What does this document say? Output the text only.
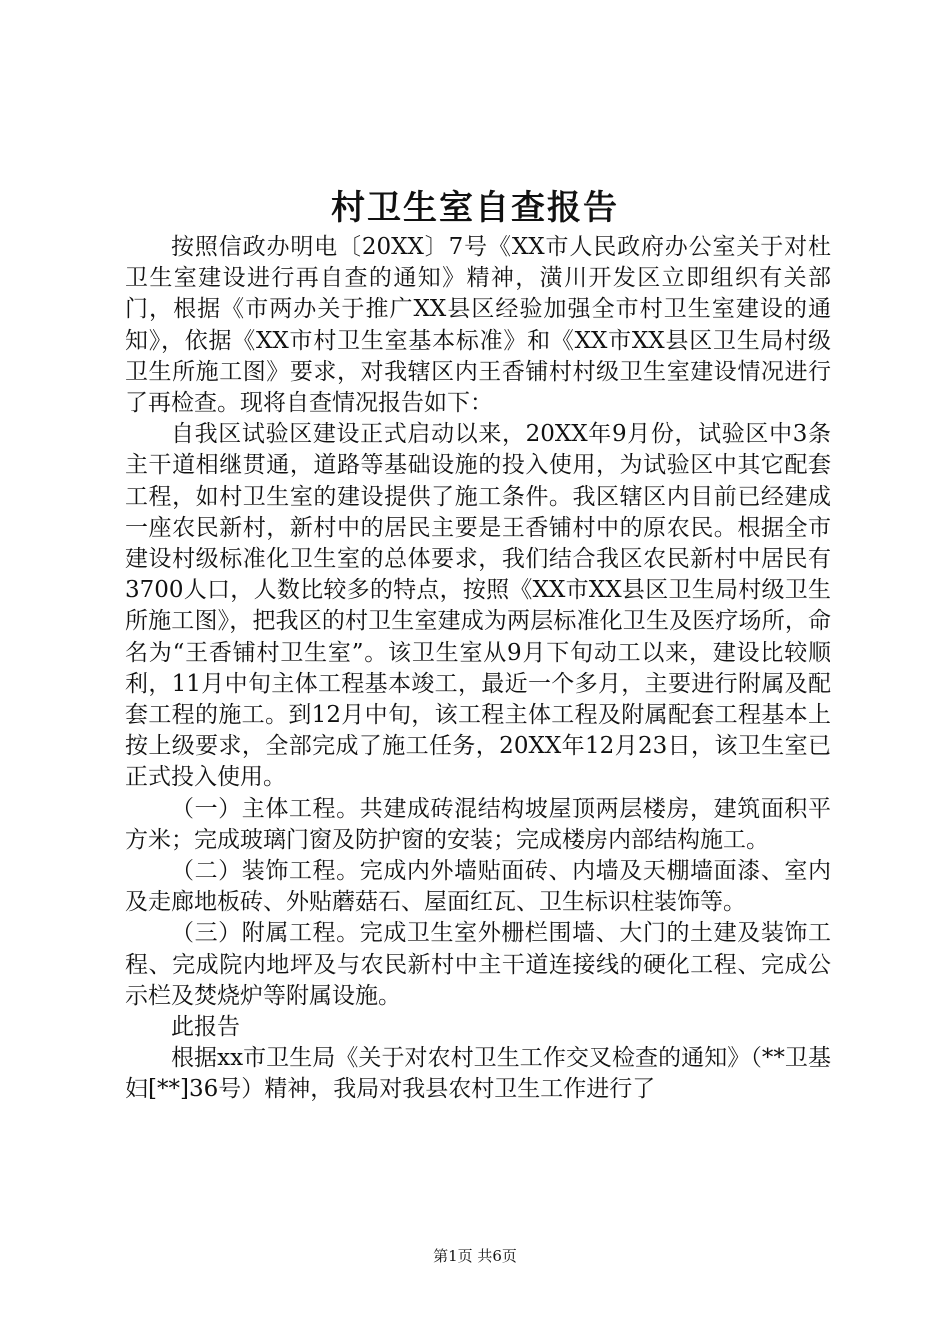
村卫生室自查报告

按照信政办明电〔20XX〕7号《XX市人民政府办公室关于对杜卫生室建设进行再自查的通知》精神，潢川开发区立即组织有关部门，根据《市两办关于推广XX县区经验加强全市村卫生室建设的通知》，依据《XX市村卫生室基本标准》和《XX市XX县区卫生局村级卫生所施工图》要求，对我辖区内王香铺村村级卫生室建设情况进行了再检查。现将自查情况报告如下：

自我区试验区建设正式启动以来，20XX年9月份，试验区中3条主干道相继贯通，道路等基础设施的投入使用，为试验区中其它配套工程，如村卫生室的建设提供了施工条件。我区辖区内目前已经建成一座农民新村，新村中的居民主要是王香铺村中的原农民。根据全市建设村级标准化卫生室的总体要求，我们结合我区农民新村中居民有3700人口，人数比较多的特点，按照《XX市XX县区卫生局村级卫生所施工图》，把我区的村卫生室建成为两层标准化卫生及医疗场所，命名为“王香铺村卫生室”。该卫生室从9月下旬动工以来，建设比较顺利，11月中旬主体工程基本竣工，最近一个多月，主要进行附属及配套工程的施工。到12月中旬，该工程主体工程及附属配套工程基本上按上级要求，全部完成了施工任务，20XX年12月23日，该卫生室已正式投入使用。

（一）主体工程。共建成砖混结构坡屋顶两层楼房，建筑面积平方米；完成玻璃门窗及防护窗的安装；完成楼房内部结构施工。

（二）装饰工程。完成内外墙贴面砖、内墙及天棚墙面漆、室内及走廊地板砖、外贴蘑菇石、屋面红瓦、卫生标识柱装饰等。

（三）附属工程。完成卫生室外栅栏围墙、大门的土建及装饰工程、完成院内地坪及与农民新村中主干道连接线的硬化工程、完成公示栏及焚烧炉等附属设施。

此报告

根据xx市卫生局《关于对农村卫生工作交叉检查的通知》（**卫基妇[**]36号）精神，我局对我县农村卫生工作进行了

第1页 共6页
